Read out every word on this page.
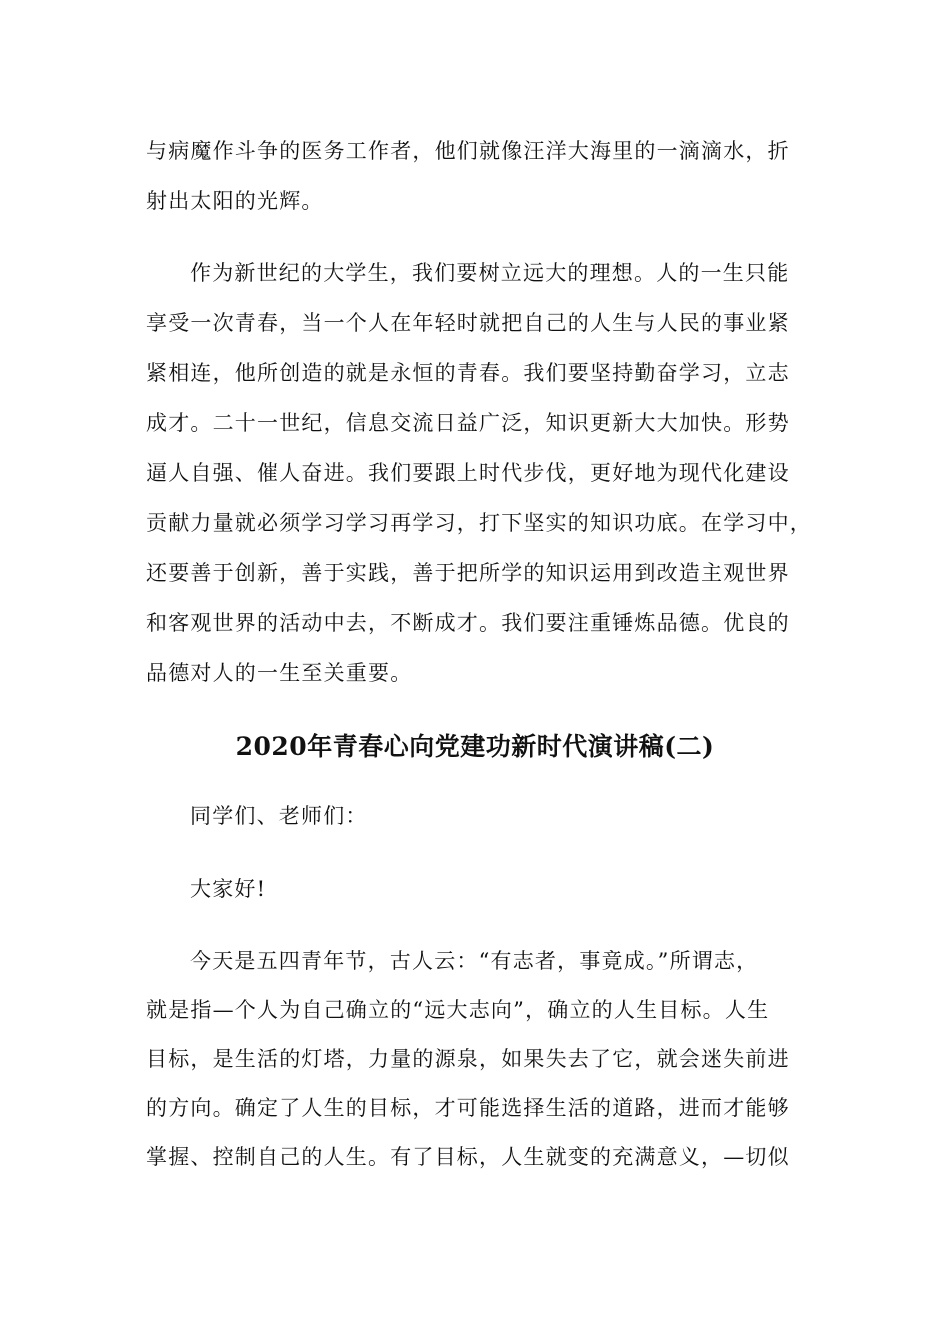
与病魔作斗争的医务工作者，他们就像汪洋大海里的一滴滴水，折
射出太阳的光辉。
作为新世纪的大学生，我们要树立远大的理想。人的一生只能
享受一次青春，当一个人在年轻时就把自己的人生与人民的事业紧
紧相连，他所创造的就是永恒的青春。我们要坚持勤奋学习，立志
成才。二十一世纪，信息交流日益广泛，知识更新大大加快。形势
逼人自强、催人奋进。我们要跟上时代步伐，更好地为现代化建设
贡献力量就必须学习学习再学习，打下坚实的知识功底。在学习中，
还要善于创新，善于实践，善于把所学的知识运用到改造主观世界
和客观世界的活动中去，不断成才。我们要注重锤炼品德。优良的
品德对人的一生至关重要。
2020年青春心向党建功新时代演讲稿(二)
同学们、老师们：
大家好!
今天是五四青年节，古人云：“有志者，事竟成。”所谓志，
就是指—个人为自己确立的“远大志向”，确立的人生目标。人生
目标，是生活的灯塔，力量的源泉，如果失去了它，就会迷失前进
的方向。确定了人生的目标，才可能选择生活的道路，进而才能够
掌握、控制自己的人生。有了目标，人生就变的充满意义，—切似
